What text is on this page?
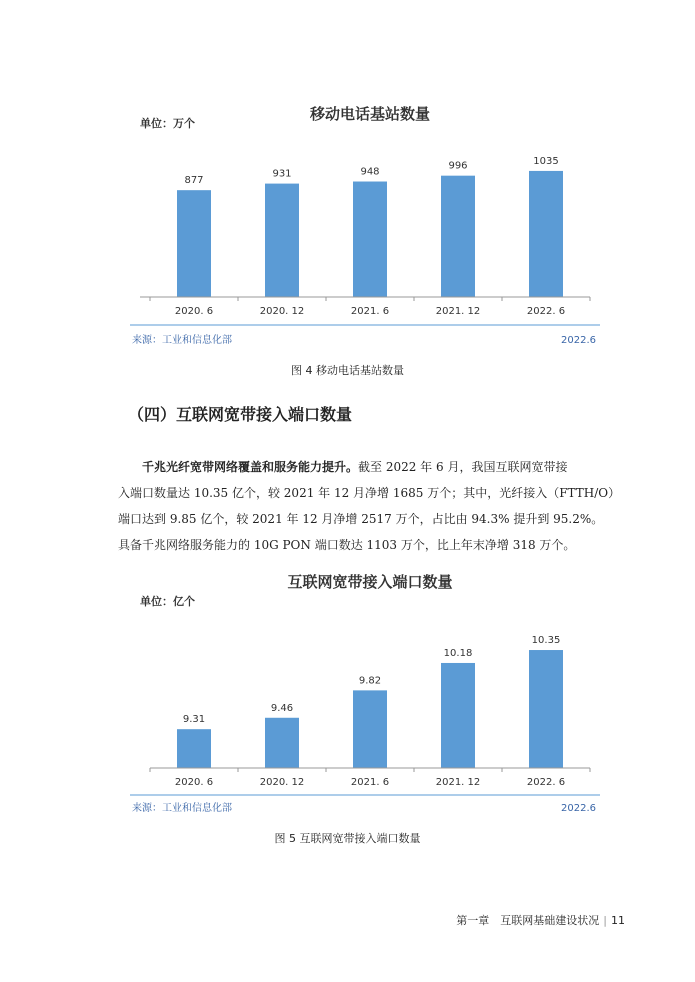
移动电话基站数量
单位：万个
877
2020. 6
931
2020. 12
948
2021. 6
996
2021. 12
1035
2022. 6
来源：工业和信息化部	2022.6
图 4 移动电话基站数量
（四）互联网宽带接入端口数量
千兆光纤宽带网络覆盖和服务能力提升。截至 2022 年 6 月，我国互联网宽带接
入端口数量达 10.35 亿个，较 2021 年 12 月净增 1685 万个；其中，光纤接入（FTTH/O）
端口达到 9.85 亿个，较 2021 年 12 月净增 2517 万个，占比由 94.3% 提升到 95.2%。
具备千兆网络服务能力的 10G PON 端口数达 1103 万个，比上年末净增 318 万个。
互联网宽带接入端口数量
单位：亿个
9.31
2020. 6
9.46
2020. 12
9.82
2021. 6
10.18
2021. 12
10.35
2022. 6
来源：工业和信息化部	2022.6
图 5 互联网宽带接入端口数量
第一章　互联网基础建设状况 | 11
